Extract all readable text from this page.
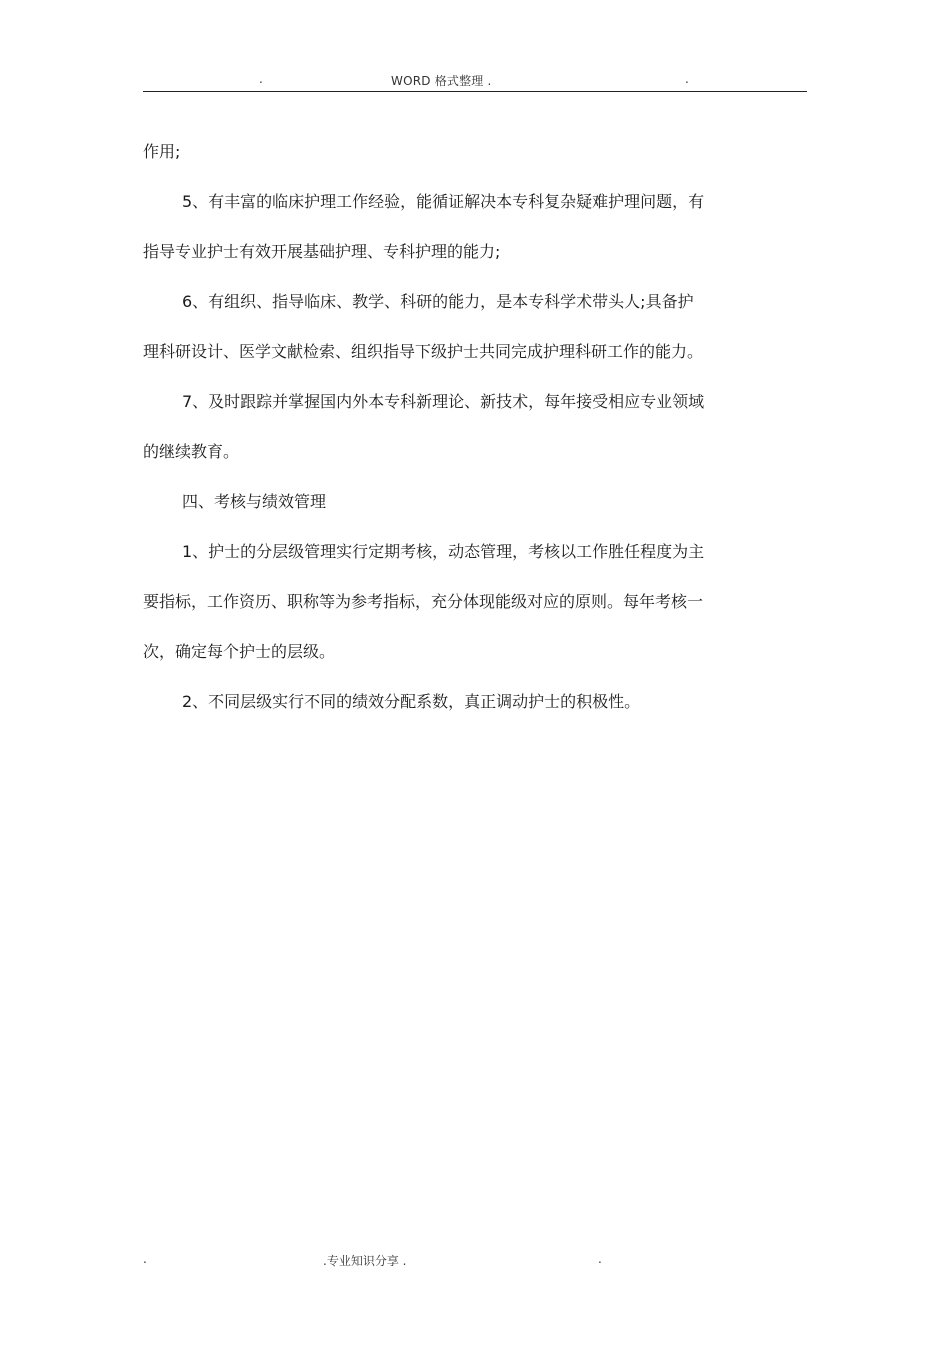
.	WORD 格式整理 .	.
作用;
5、有丰富的临床护理工作经验，能循证解决本专科复杂疑难护理问题，有
指导专业护士有效开展基础护理、专科护理的能力;
6、有组织、指导临床、教学、科研的能力，是本专科学术带头人;具备护
理科研设计、医学文献检索、组织指导下级护士共同完成护理科研工作的能力。
7、及时跟踪并掌握国内外本专科新理论、新技术，每年接受相应专业领域
的继续教育。
四、考核与绩效管理
1、护士的分层级管理实行定期考核，动态管理，考核以工作胜任程度为主
要指标，工作资历、职称等为参考指标，充分体现能级对应的原则。每年考核一
次，确定每个护士的层级。
2、不同层级实行不同的绩效分配系数，真正调动护士的积极性。
.	.专业知识分享 .	.
